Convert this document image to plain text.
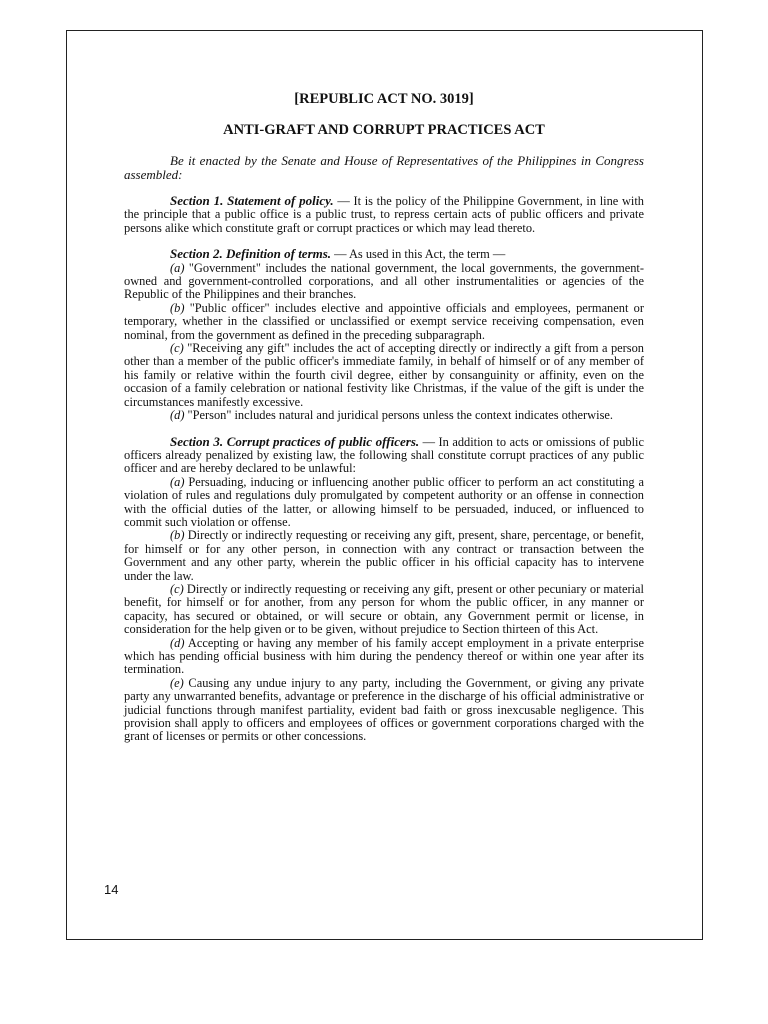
[REPUBLIC ACT NO. 3019]
ANTI-GRAFT AND CORRUPT PRACTICES ACT

Be it enacted by the Senate and House of Representatives of the Philippines in Congress assembled:

Section 1. Statement of policy. — It is the policy of the Philippine Government, in line with the principle that a public office is a public trust, to repress certain acts of public officers and private persons alike which constitute graft or corrupt practices or which may lead thereto.

Section 2. Definition of terms. — As used in this Act, the term —

(a) "Government" includes the national government, the local governments, the government-owned and government-controlled corporations, and all other instrumentalities or agencies of the Republic of the Philippines and their branches.

(b) "Public officer" includes elective and appointive officials and employees, permanent or temporary, whether in the classified or unclassified or exempt service receiving compensation, even nominal, from the government as defined in the preceding subparagraph.

(c) "Receiving any gift" includes the act of accepting directly or indirectly a gift from a person other than a member of the public officer's immediate family, in behalf of himself or of any member of his family or relative within the fourth civil degree, either by consanguinity or affinity, even on the occasion of a family celebration or national festivity like Christmas, if the value of the gift is under the circumstances manifestly excessive.

(d) "Person" includes natural and juridical persons unless the context indicates otherwise.

Section 3. Corrupt practices of public officers. — In addition to acts or omissions of public officers already penalized by existing law, the following shall constitute corrupt practices of any public officer and are hereby declared to be unlawful:

(a) Persuading, inducing or influencing another public officer to perform an act constituting a violation of rules and regulations duly promulgated by competent authority or an offense in connection with the official duties of the latter, or allowing himself to be persuaded, induced, or influenced to commit such violation or offense.

(b) Directly or indirectly requesting or receiving any gift, present, share, percentage, or benefit, for himself or for any other person, in connection with any contract or transaction between the Government and any other party, wherein the public officer in his official capacity has to intervene under the law.

(c) Directly or indirectly requesting or receiving any gift, present or other pecuniary or material benefit, for himself or for another, from any person for whom the public officer, in any manner or capacity, has secured or obtained, or will secure or obtain, any Government permit or license, in consideration for the help given or to be given, without prejudice to Section thirteen of this Act.

(d) Accepting or having any member of his family accept employment in a private enterprise which has pending official business with him during the pendency thereof or within one year after its termination.

(e) Causing any undue injury to any party, including the Government, or giving any private party any unwarranted benefits, advantage or preference in the discharge of his official administrative or judicial functions through manifest partiality, evident bad faith or gross inexcusable negligence. This provision shall apply to officers and employees of offices or government corporations charged with the grant of licenses or permits or other concessions.

14
